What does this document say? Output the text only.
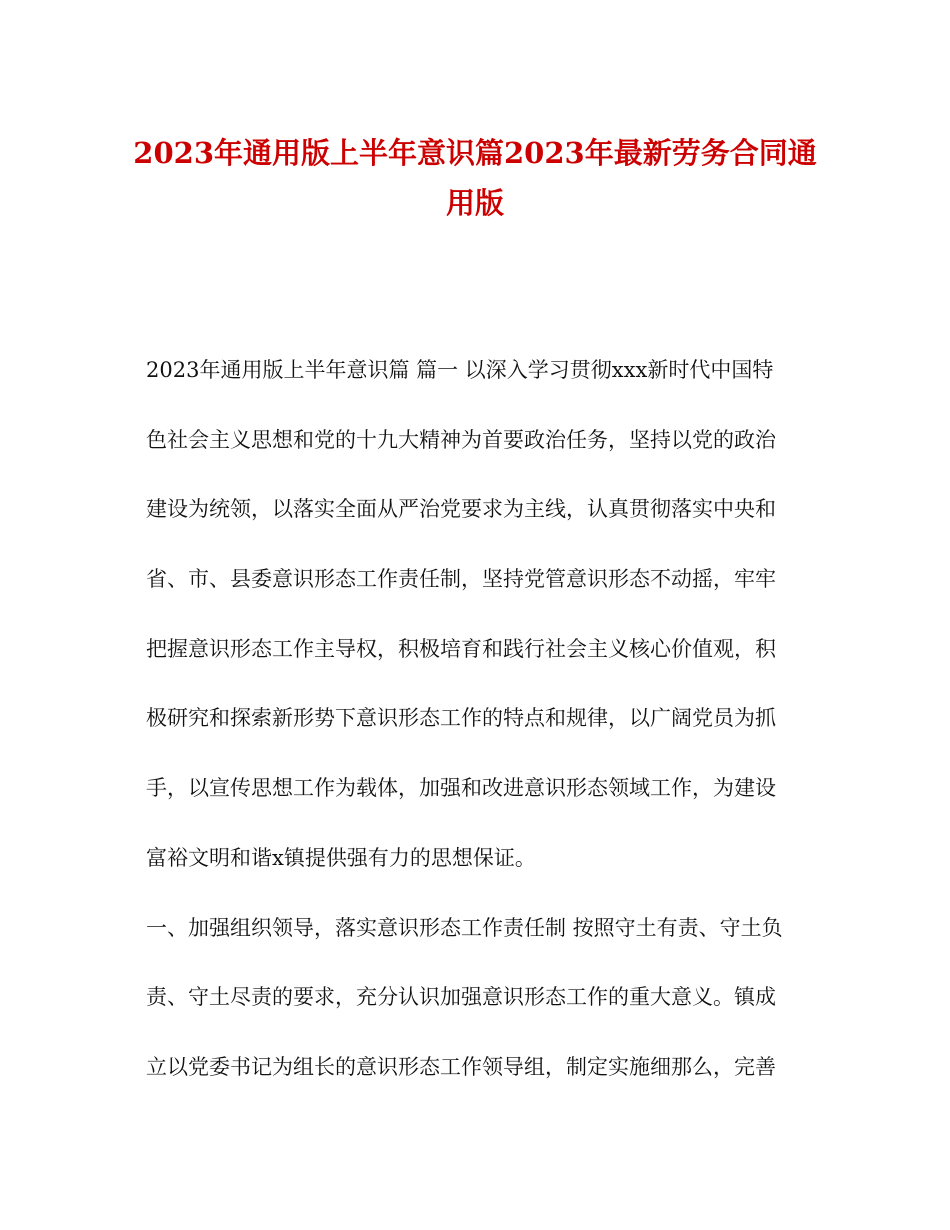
2023年通用版上半年意识篇2023年最新劳务合同通用版
2023年通用版上半年意识篇 篇一 以深入学习贯彻xxx新时代中国特
色社会主义思想和党的十九大精神为首要政治任务，坚持以党的政治
建设为统领，以落实全面从严治党要求为主线，认真贯彻落实中央和
省、市、县委意识形态工作责任制，坚持党管意识形态不动摇，牢牢
把握意识形态工作主导权，积极培育和践行社会主义核心价值观，积
极研究和探索新形势下意识形态工作的特点和规律，以广阔党员为抓
手，以宣传思想工作为载体，加强和改进意识形态领域工作，为建设
富裕文明和谐x镇提供强有力的思想保证。
一、加强组织领导，落实意识形态工作责任制 按照守土有责、守土负
责、守土尽责的要求，充分认识加强意识形态工作的重大意义。镇成
立以党委书记为组长的意识形态工作领导组，制定实施细那么，完善
